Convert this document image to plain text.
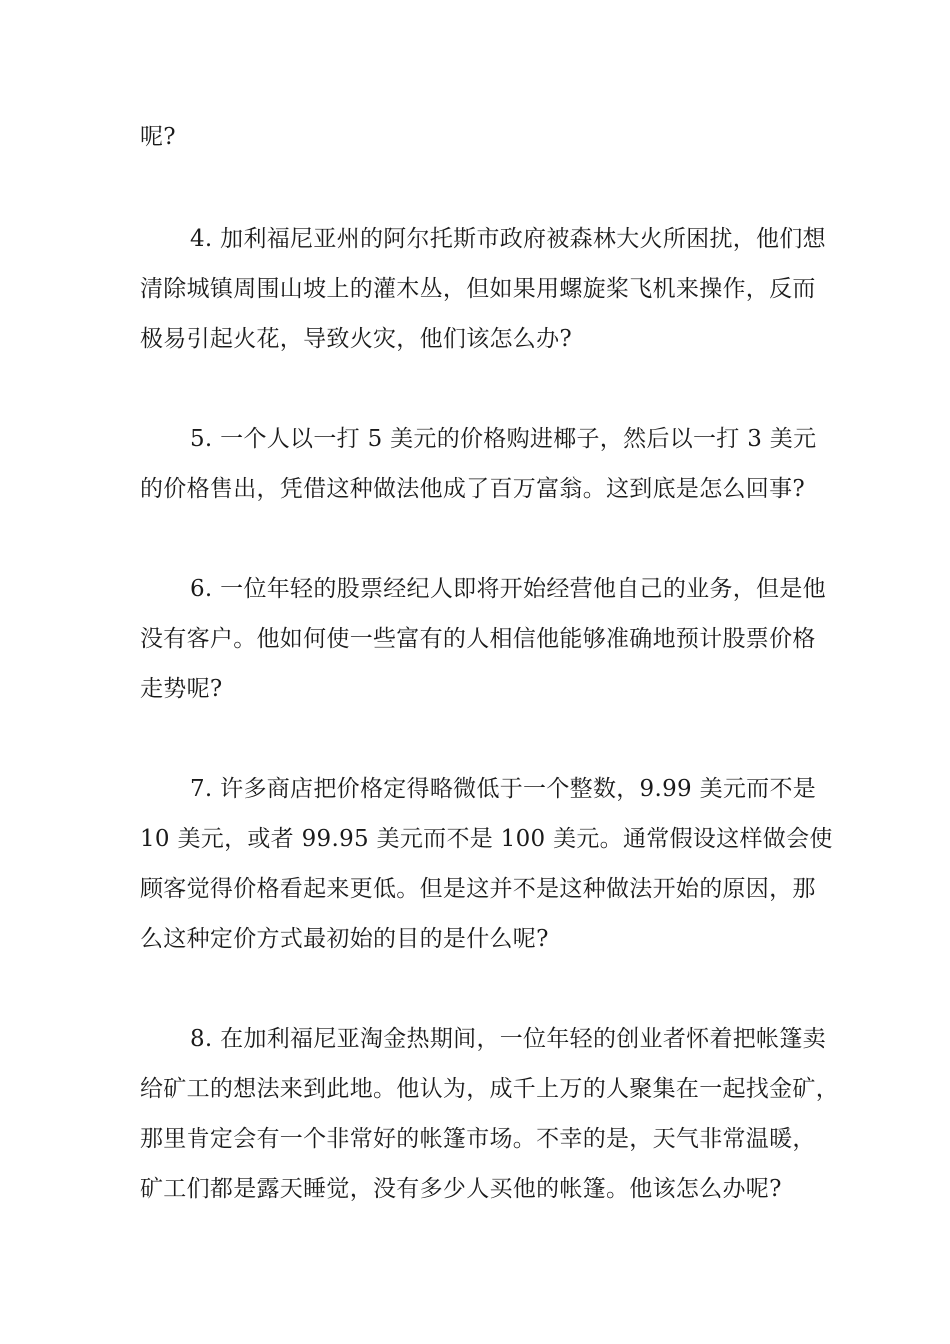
呢?
4. 加利福尼亚州的阿尔托斯市政府被森林大火所困扰，他们想
清除城镇周围山坡上的灌木丛，但如果用螺旋桨飞机来操作，反而
极易引起火花，导致火灾，他们该怎么办?
5. 一个人以一打 5 美元的价格购进椰子，然后以一打 3 美元
的价格售出，凭借这种做法他成了百万富翁。这到底是怎么回事?
6. 一位年轻的股票经纪人即将开始经营他自己的业务，但是他
没有客户。他如何使一些富有的人相信他能够准确地预计股票价格
走势呢?
7. 许多商店把价格定得略微低于一个整数，9.99 美元而不是
10 美元，或者 99.95 美元而不是 100 美元。通常假设这样做会使
顾客觉得价格看起来更低。但是这并不是这种做法开始的原因，那
么这种定价方式最初始的目的是什么呢?
8. 在加利福尼亚淘金热期间，一位年轻的创业者怀着把帐篷卖
给矿工的想法来到此地。他认为，成千上万的人聚集在一起找金矿，
那里肯定会有一个非常好的帐篷市场。不幸的是，天气非常温暖，
矿工们都是露天睡觉，没有多少人买他的帐篷。他该怎么办呢?
